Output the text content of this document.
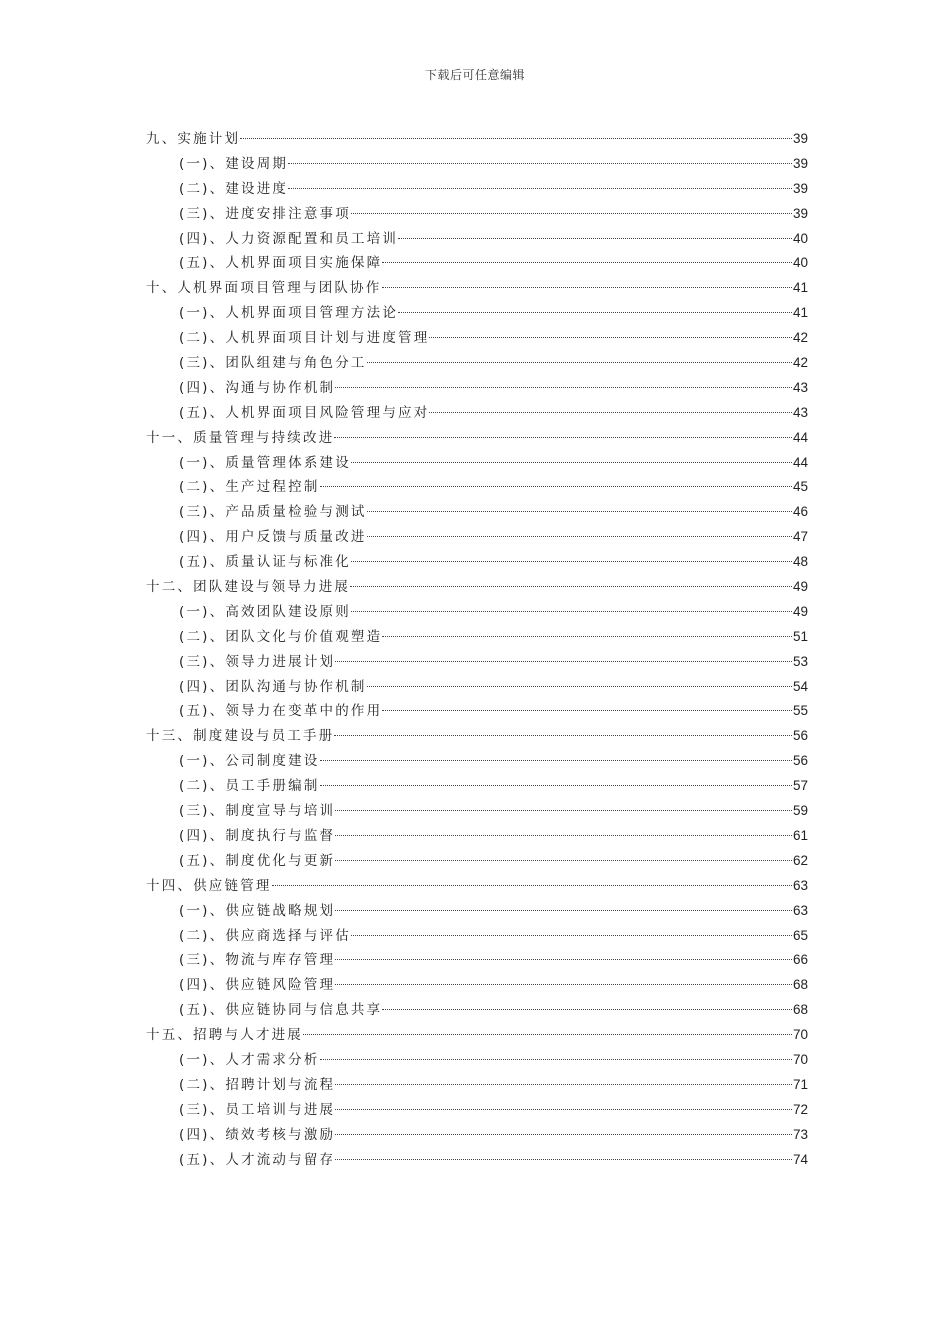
下载后可任意编辑
九、实施计划	39
(一)、建设周期	39
(二)、建设进度	39
(三)、进度安排注意事项	39
(四)、人力资源配置和员工培训	40
(五)、人机界面项目实施保障	40
十、人机界面项目管理与团队协作	41
(一)、人机界面项目管理方法论	41
(二)、人机界面项目计划与进度管理	42
(三)、团队组建与角色分工	42
(四)、沟通与协作机制	43
(五)、人机界面项目风险管理与应对	43
十一、质量管理与持续改进	44
(一)、质量管理体系建设	44
(二)、生产过程控制	45
(三)、产品质量检验与测试	46
(四)、用户反馈与质量改进	47
(五)、质量认证与标准化	48
十二、团队建设与领导力进展	49
(一)、高效团队建设原则	49
(二)、团队文化与价值观塑造	51
(三)、领导力进展计划	53
(四)、团队沟通与协作机制	54
(五)、领导力在变革中的作用	55
十三、制度建设与员工手册	56
(一)、公司制度建设	56
(二)、员工手册编制	57
(三)、制度宣导与培训	59
(四)、制度执行与监督	61
(五)、制度优化与更新	62
十四、供应链管理	63
(一)、供应链战略规划	63
(二)、供应商选择与评估	65
(三)、物流与库存管理	66
(四)、供应链风险管理	68
(五)、供应链协同与信息共享	68
十五、招聘与人才进展	70
(一)、人才需求分析	70
(二)、招聘计划与流程	71
(三)、员工培训与进展	72
(四)、绩效考核与激励	73
(五)、人才流动与留存	74
